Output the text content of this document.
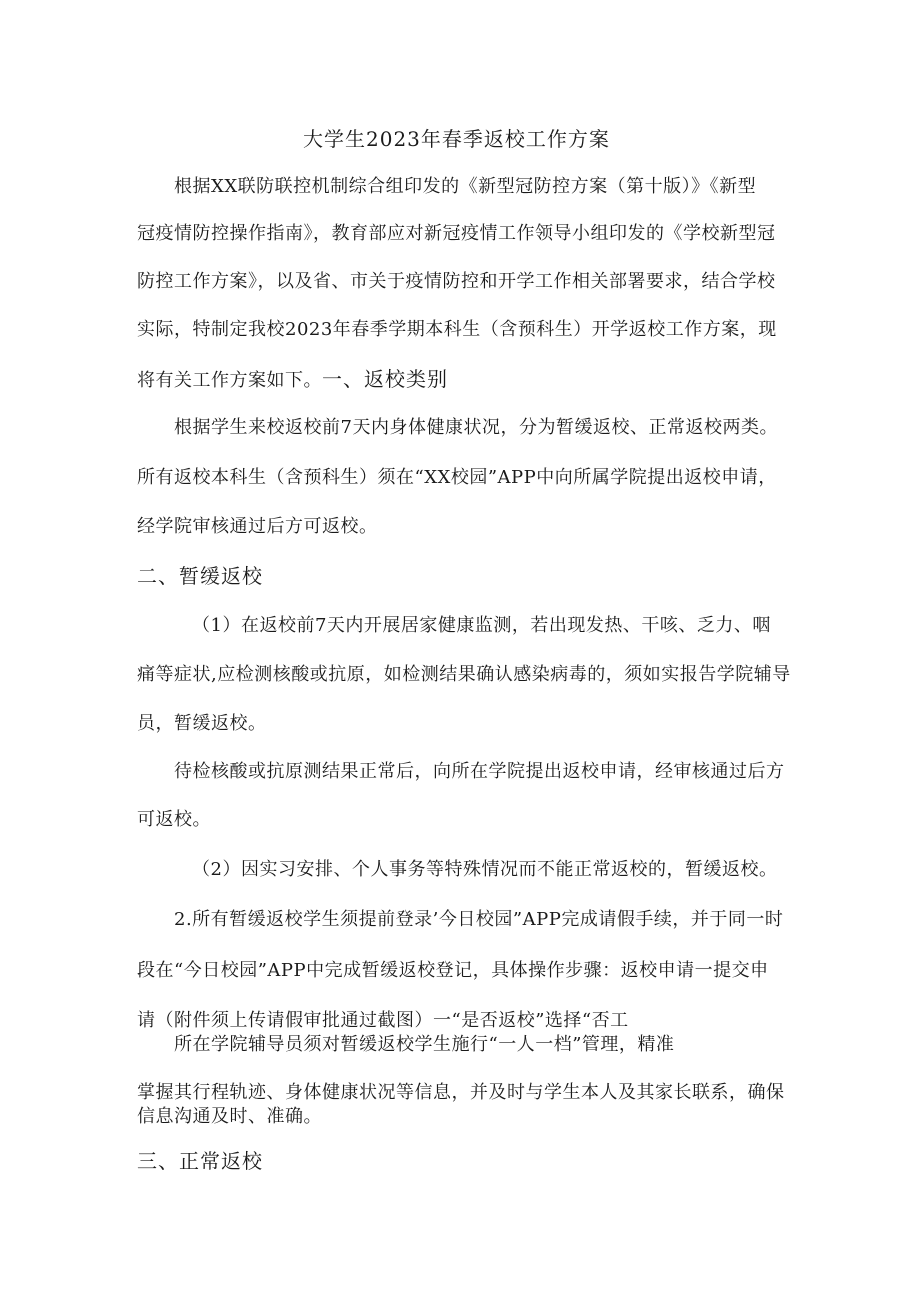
大学生2023年春季返校工作方案
根据XX联防联控机制综合组印发的《新型冠防控方案（第十版）》《新型
冠疫情防控操作指南》，教育部应对新冠疫情工作领导小组印发的《学校新型冠
防控工作方案》，以及省、市关于疫情防控和开学工作相关部署要求，结合学校
实际，特制定我校2023年春季学期本科生（含预科生）开学返校工作方案，现
将有关工作方案如下。一、返校类别
根据学生来校返校前7天内身体健康状况，分为暂缓返校、正常返校两类。
所有返校本科生（含预科生）须在“XX校园”APP中向所属学院提出返校申请，
经学院审核通过后方可返校。
二、暂缓返校
（1）在返校前7天内开展居家健康监测，若出现发热、干咳、乏力、咽
痛等症状,应检测核酸或抗原，如检测结果确认感染病毒的，须如实报告学院辅导
员，暂缓返校。
待检核酸或抗原测结果正常后，向所在学院提出返校申请，经审核通过后方
可返校。
（2）因实习安排、个人事务等特殊情况而不能正常返校的，暂缓返校。
2.所有暂缓返校学生须提前登录’今日校园”APP完成请假手续，并于同一时
段在“今日校园”APP中完成暂缓返校登记，具体操作步骤：返校申请一提交申
请（附件须上传请假审批通过截图）一“是否返校”选择“否工
所在学院辅导员须对暂缓返校学生施行“一人一档”管理，精准
掌握其行程轨迹、身体健康状况等信息，并及时与学生本人及其家长联系，确保
信息沟通及时、准确。
三、正常返校
